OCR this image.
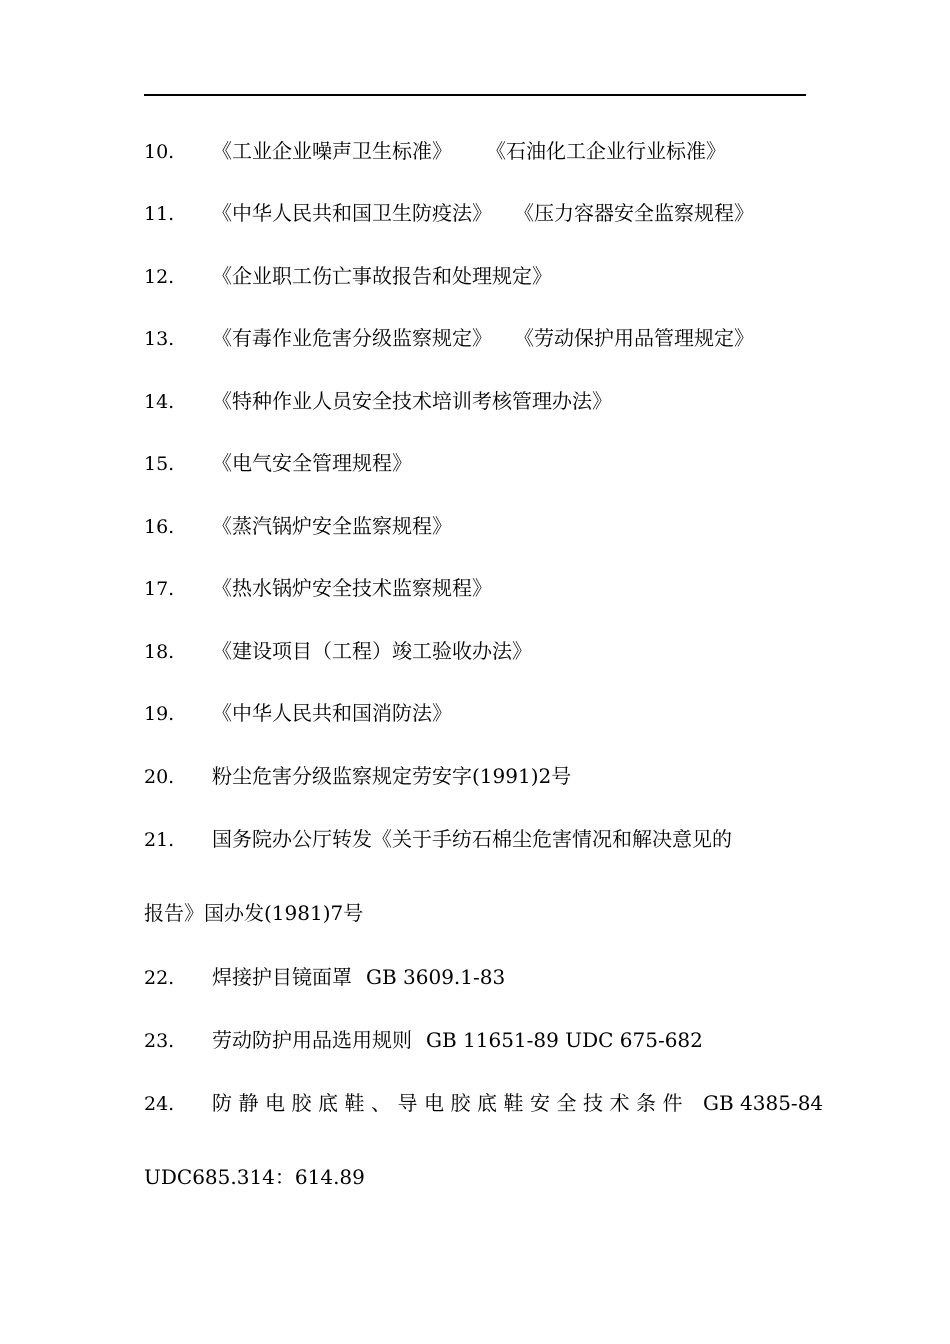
10. 《工业企业噪声卫生标准》 《石油化工企业行业标准》
11. 《中华人民共和国卫生防疫法》 《压力容器安全监察规程》
12. 《企业职工伤亡事故报告和处理规定》
13. 《有毒作业危害分级监察规定》 《劳动保护用品管理规定》
14. 《特种作业人员安全技术培训考核管理办法》
15. 《电气安全管理规程》
16. 《蒸汽锅炉安全监察规程》
17. 《热水锅炉安全技术监察规程》
18. 《建设项目（工程）竣工验收办法》
19. 《中华人民共和国消防法》
20. 粉尘危害分级监察规定劳安字(1991)2号
21. 国务院办公厅转发《关于手纺石棉尘危害情况和解决意见的
报告》国办发(1981)7号
22. 焊接护目镜面罩 GB 3609.1-83
23. 劳动防护用品选用规则 GB 11651-89 UDC 675-682
24. 防静电胶底鞋、导电胶底鞋安全技术条件 GB 4385-84
UDC685.314：614.89
